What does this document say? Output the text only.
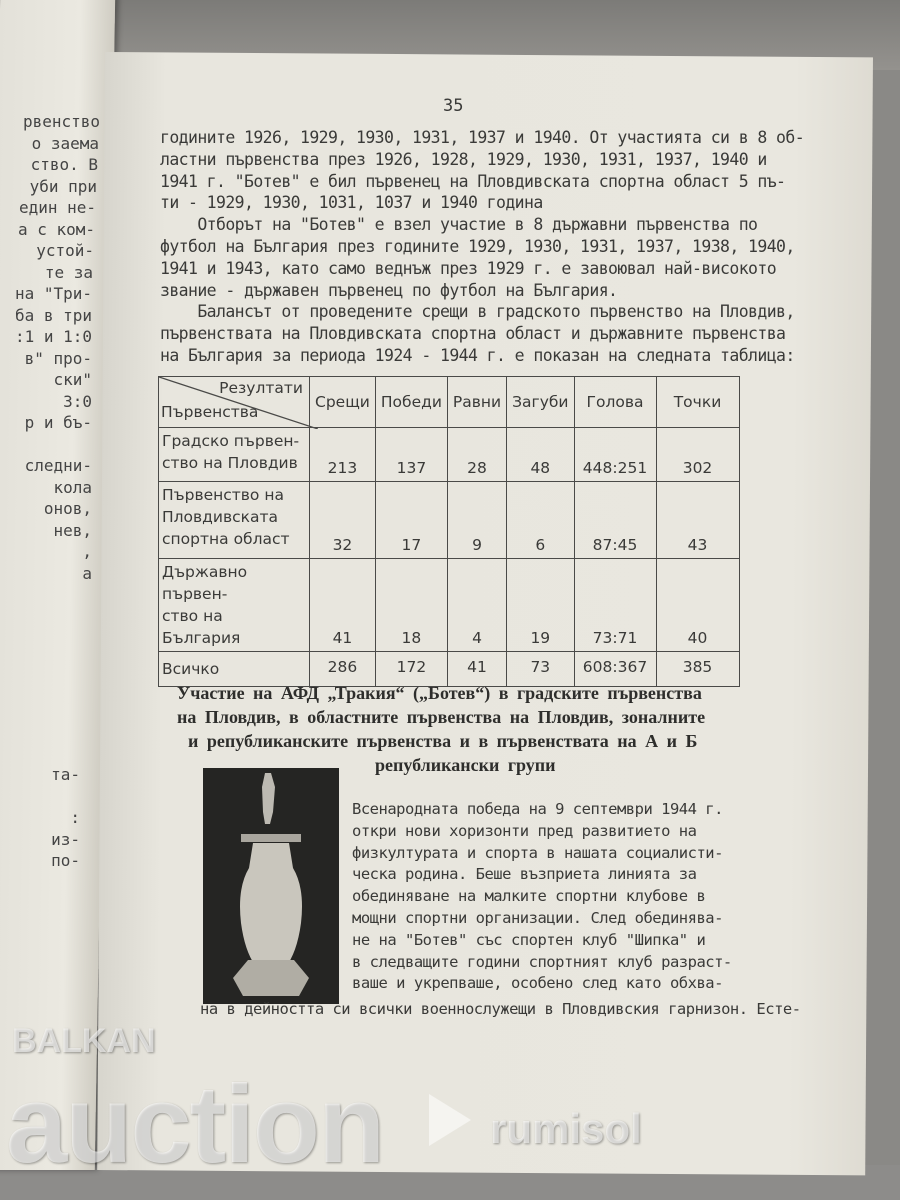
рвенство
о заема
ство. В
уби при
един не-
а с ком-
устой-
те за
на "Три-
ба в три
:1 и 1:0
в" про-
ски"
3:0
р и бъ-
следни-
кола
онов,
нев,
,
а
та-
:
из-
по-
35
годините 1926, 1929, 1930, 1931, 1937 и 1940. От участията си в 8 об-
ластни първенства през 1926, 1928, 1929, 1930, 1931, 1937, 1940 и
1941 г. "Ботев" е бил първенец на Пловдивската спортна област 5 пъ-
ти - 1929, 1930, 1031, 1037 и 1940 година
Отборът на "Ботев" е взел участие в 8 държавни първенства по
футбол на България през годините 1929, 1930, 1931, 1937, 1938, 1940,
1941 и 1943, като само веднъж през 1929 г. е завоювал най-високото
звание - държавен първенец по футбол на България.
Балансът от проведените срещи в градското първенство на Пловдив,
първенствата на Пловдивската спортна област и държавните първенства
на България за периода 1924 - 1944 г. е показан на следната таблица:
Резултати
Първенства	Срещи	Победи	Равни	Загуби	Голова	Точки
Градско първен-
ство на Пловдив	213	137	28	48	448:251	302
Първенство на
Пловдивската
спортна област	32	17	9	6	87:45	43
Държавно първен-
ство на България	41	18	4	19	73:71	40
Всичко	286	172	41	73	608:367	385
Участие на АФД „Тракия“ („Ботев“) в градските първенства
на Пловдив, в областните първенства на Пловдив, зоналните
и републиканските първенства и в първенствата на А и Б
републикански групи
Всенародната победа на 9 септември 1944 г.
откри нови хоризонти пред развитието на
физкултурата и спорта в нашата социалисти-
ческа родина. Беше възприета линията за
обединяване на малките спортни клубове в
мощни спортни организации. След обединява-
не на "Ботев" със спортен клуб "Шипка" и
в следващите години спортният клуб разраст-
ваше и укрепваше, особено след като обхва-
на в дейността си всички военнослужещи в Пловдивския гарнизон. Есте-
BALKAN
auction	rumisol
